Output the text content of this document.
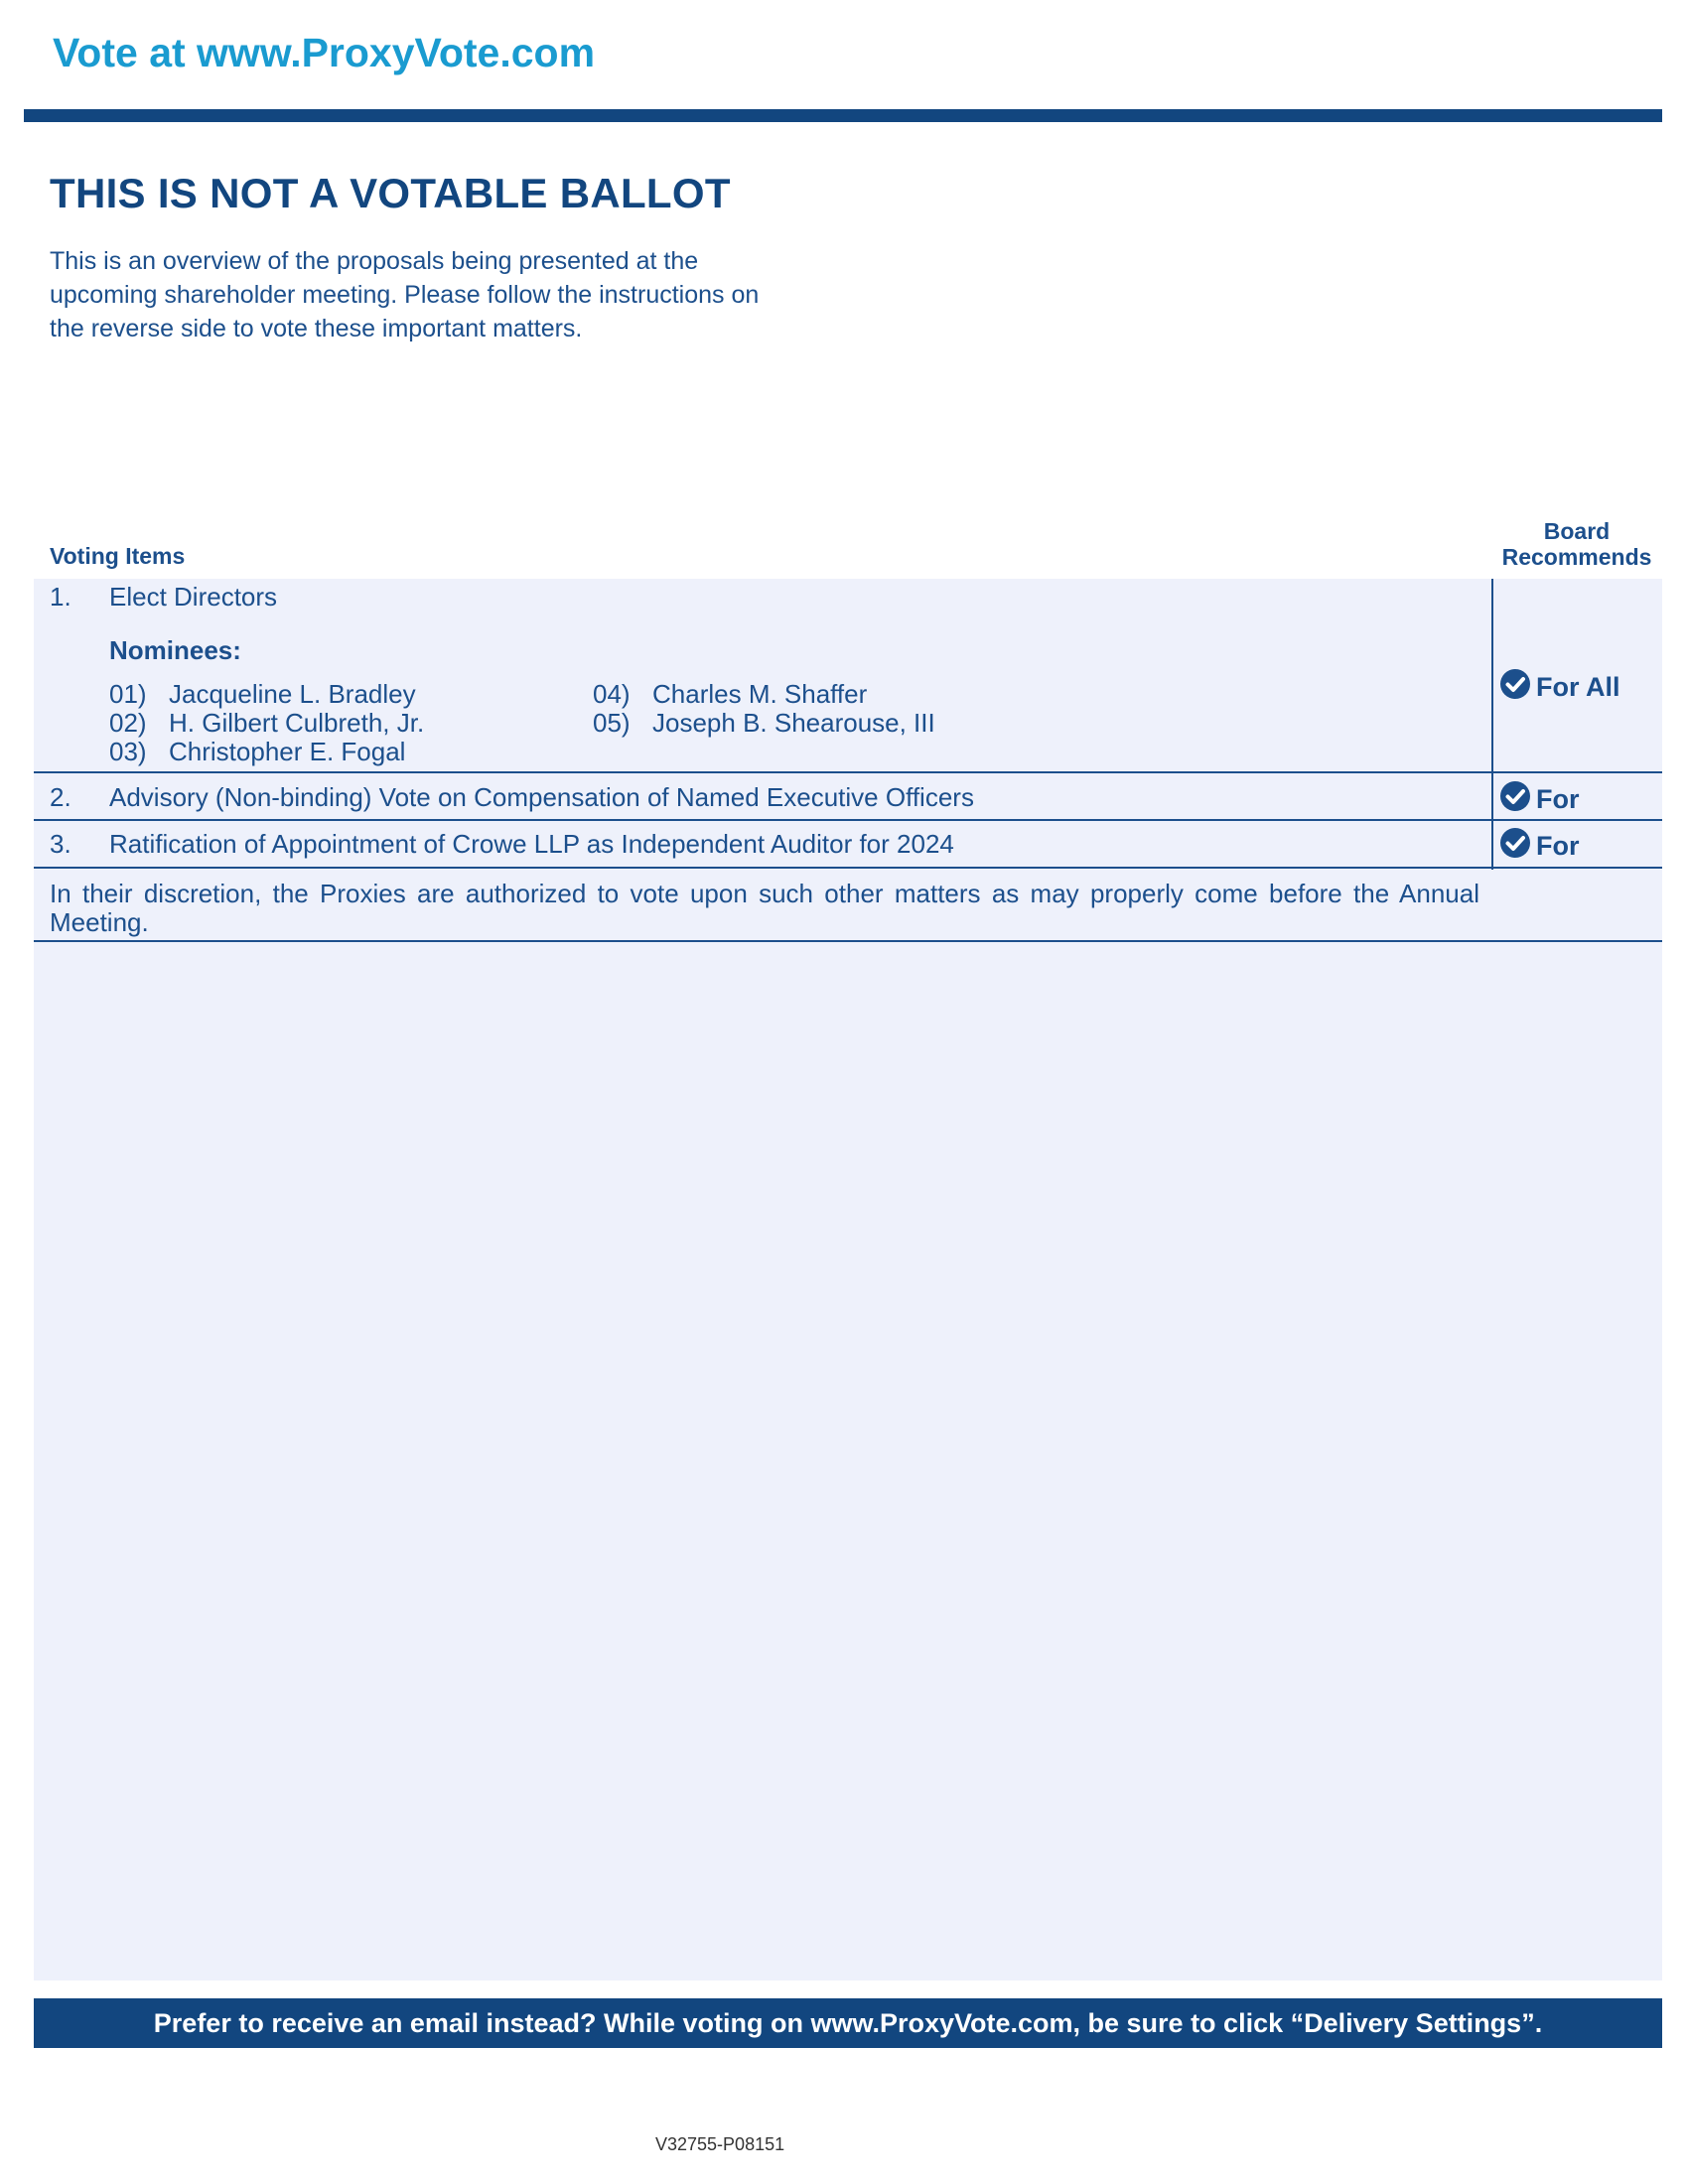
Vote at www.ProxyVote.com
THIS IS NOT A VOTABLE BALLOT
This is an overview of the proposals being presented at the
upcoming shareholder meeting. Please follow the instructions on
the reverse side to vote these important matters.
Voting Items
Board
Recommends
1. Elect Directors
Nominees:
01) Jacqueline L. Bradley
02) H. Gilbert Culbreth, Jr.
03) Christopher E. Fogal
04) Charles M. Shaffer
05) Joseph B. Shearouse, III
For All
2. Advisory (Non-binding) Vote on Compensation of Named Executive Officers	For
3. Ratification of Appointment of Crowe LLP as Independent Auditor for 2024	For
In their discretion, the Proxies are authorized to vote upon such other matters as may properly come before the Annual Meeting.
Prefer to receive an email instead? While voting on www.ProxyVote.com, be sure to click “Delivery Settings”.
V32755-P08151
